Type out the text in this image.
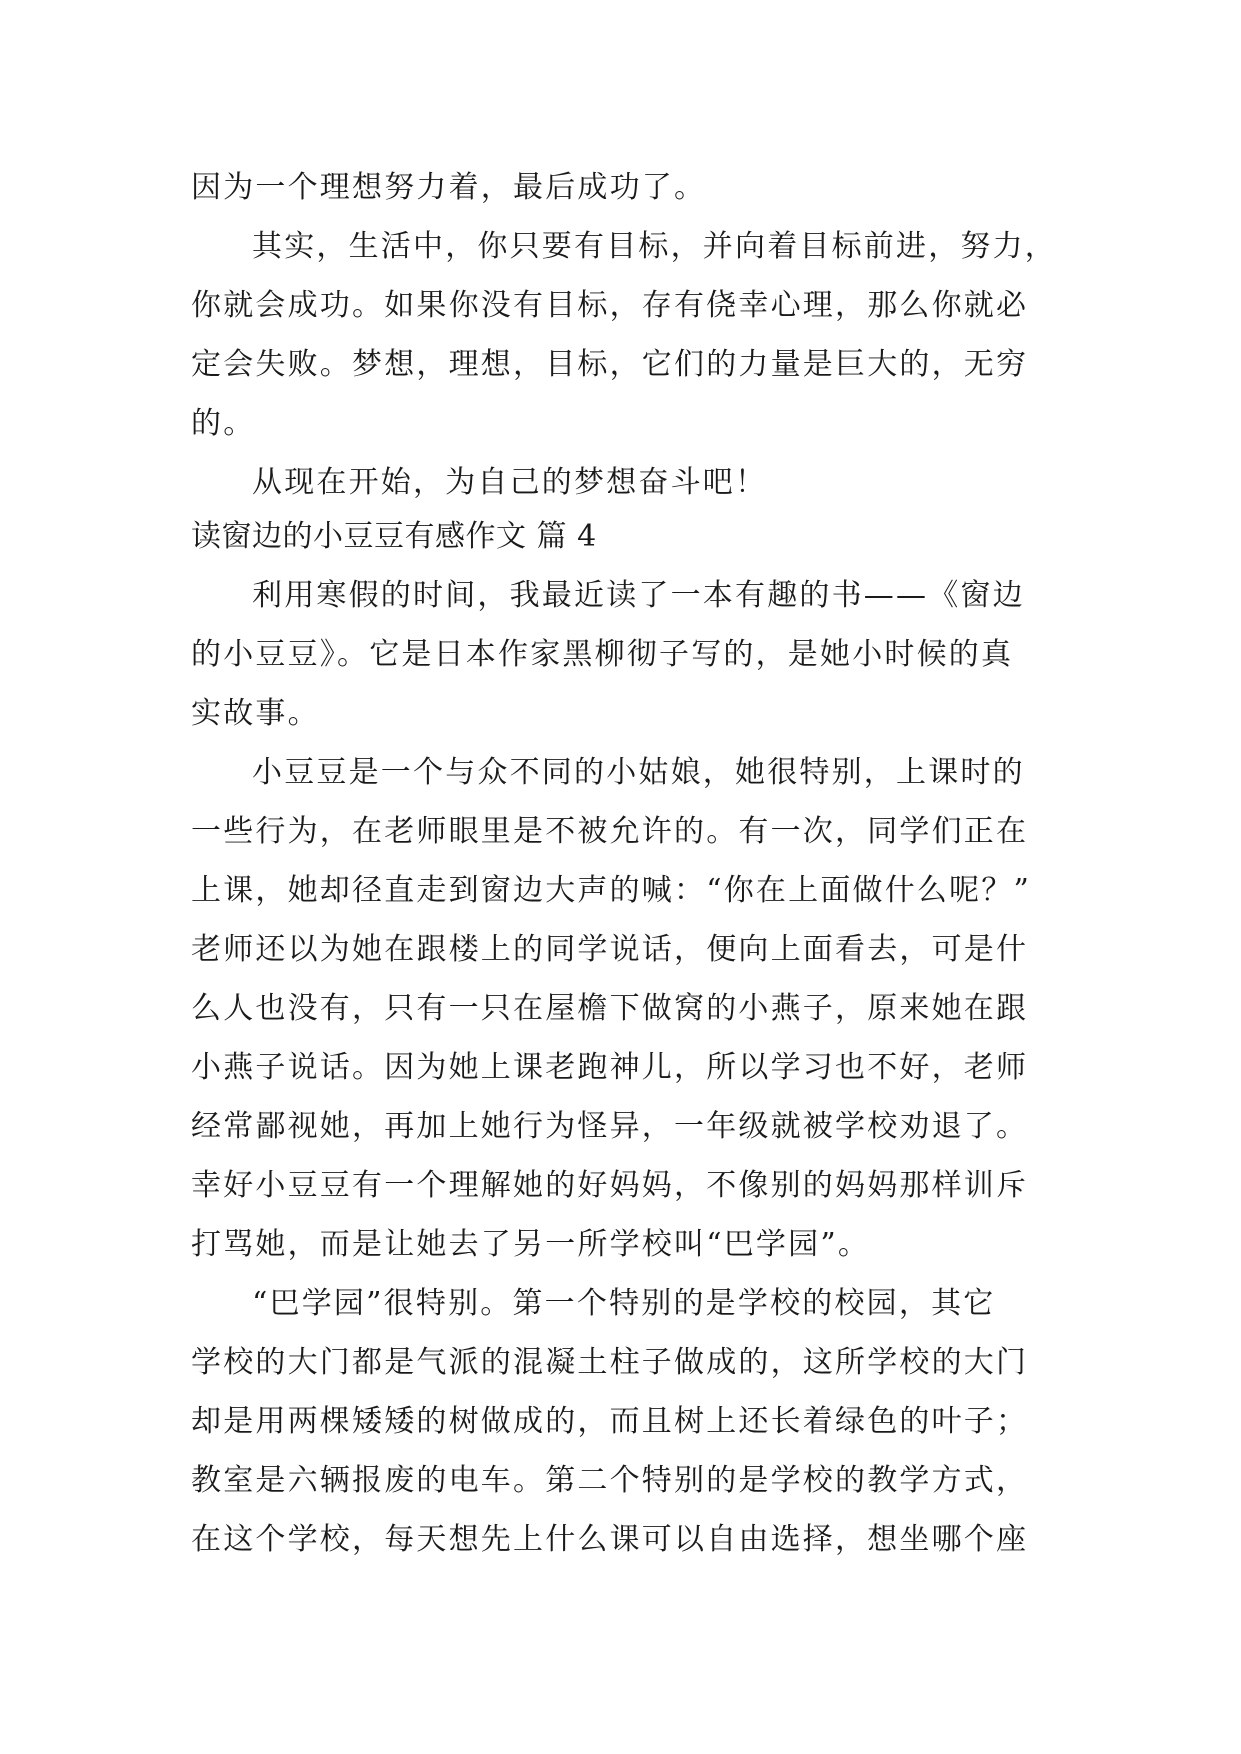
因为一个理想努力着，最后成功了。
其实，生活中，你只要有目标，并向着目标前进，努力，
你就会成功。如果你没有目标，存有侥幸心理，那么你就必
定会失败。梦想，理想，目标，它们的力量是巨大的，无穷
的。
从现在开始，为自己的梦想奋斗吧！
读窗边的小豆豆有感作文 篇 4
利用寒假的时间，我最近读了一本有趣的书——《窗边
的小豆豆》。它是日本作家黑柳彻子写的，是她小时候的真
实故事。
小豆豆是一个与众不同的小姑娘，她很特别，上课时的
一些行为，在老师眼里是不被允许的。有一次，同学们正在
上课，她却径直走到窗边大声的喊：“你在上面做什么呢？”
老师还以为她在跟楼上的同学说话，便向上面看去，可是什
么人也没有，只有一只在屋檐下做窝的小燕子，原来她在跟
小燕子说话。因为她上课老跑神儿，所以学习也不好，老师
经常鄙视她，再加上她行为怪异，一年级就被学校劝退了。
幸好小豆豆有一个理解她的好妈妈，不像别的妈妈那样训斥
打骂她，而是让她去了另一所学校叫“巴学园”。
“巴学园”很特别。第一个特别的是学校的校园，其它
学校的大门都是气派的混凝土柱子做成的，这所学校的大门
却是用两棵矮矮的树做成的，而且树上还长着绿色的叶子；
教室是六辆报废的电车。第二个特别的是学校的教学方式，
在这个学校，每天想先上什么课可以自由选择，想坐哪个座
